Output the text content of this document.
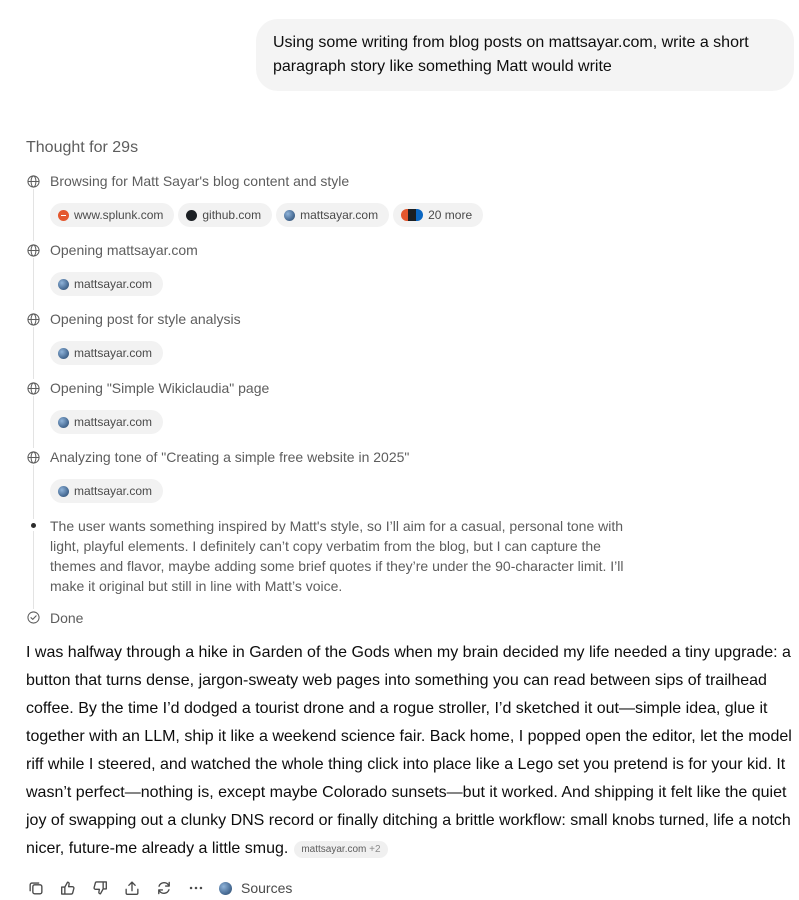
Using some writing from blog posts on mattsayar.com, write a short paragraph story like something Matt would write
Thought for 29s
Browsing for Matt Sayar's blog content and style
www.splunk.com	github.com	mattsayar.com	20 more
Opening mattsayar.com
mattsayar.com
Opening post for style analysis
mattsayar.com
Opening "Simple Wikiclaudia" page
mattsayar.com
Analyzing tone of "Creating a simple free website in 2025"
mattsayar.com
The user wants something inspired by Matt's style, so I’ll aim for a casual, personal tone with light, playful elements. I definitely can’t copy verbatim from the blog, but I can capture the themes and flavor, maybe adding some brief quotes if they’re under the 90-character limit. I’ll make it original but still in line with Matt’s voice.
Done
I was halfway through a hike in Garden of the Gods when my brain decided my life needed a tiny upgrade: a button that turns dense, jargon-sweaty web pages into something you can read between sips of trailhead coffee. By the time I’d dodged a tourist drone and a rogue stroller, I’d sketched it out—simple idea, glue it together with an LLM, ship it like a weekend science fair. Back home, I popped open the editor, let the model riff while I steered, and watched the whole thing click into place like a Lego set you pretend is for your kid. It wasn’t perfect—nothing is, except maybe Colorado sunsets—but it worked. And shipping it felt like the quiet joy of swapping out a clunky DNS record or finally ditching a brittle workflow: small knobs turned, life a notch nicer, future-me already a little smug. mattsayar.com +2
Sources
